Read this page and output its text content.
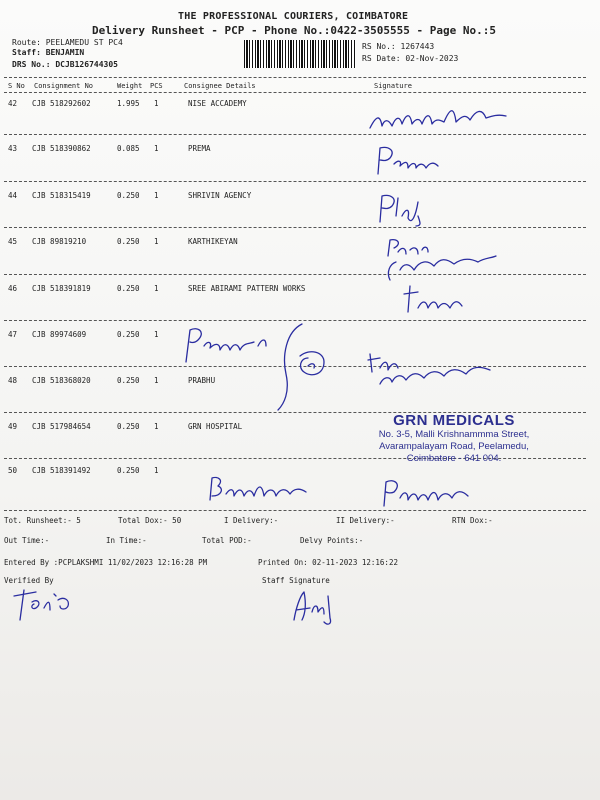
THE PROFESSIONAL COURIERS, COIMBATORE
Delivery Runsheet - PCP - Phone No.:0422-3505555 - Page No.:5
Route: PEELAMEDU ST PC4
Staff: BENJAMIN
DRS No.: DCJB126744305
RS No.: 1267443
RS Date: 02-Nov-2023
S No Consignment No	Weight PCS	Consignee Details	Signature
42 CJB 518292602	1.995 1	NISE ACCADEMY
43 CJB 518390862	0.085 1	PREMA
44 CJB 518315419	0.250 1	SHRIVIN AGENCY
45 CJB 89819210	0.250 1	KARTHIKEYAN
46 CJB 518391819	0.250 1	SREE ABIRAMI PATTERN WORKS
47 CJB 89974609	0.250 1
48 CJB 518368020	0.250 1	PRABHU
49 CJB 517984654	0.250 1	GRN HOSPITAL
50 CJB 518391492	0.250 1
GRN MEDICALS
No. 3-5, Malli Krishnammma Street,
Avarampalayam Road, Peelamedu,
Coimbatore - 641 004.
Tot. Runsheet:- 5	Total Dox:- 50	I Delivery:-	II Delivery:-	RTN Dox:-
Out Time:-	In Time:-	Total POD:-	Delvy Points:-
Entered By :PCPLAKSHMI 11/02/2023 12:16:28 PM	Printed On: 02-11-2023 12:16:22
Verified By	Staff Signature
